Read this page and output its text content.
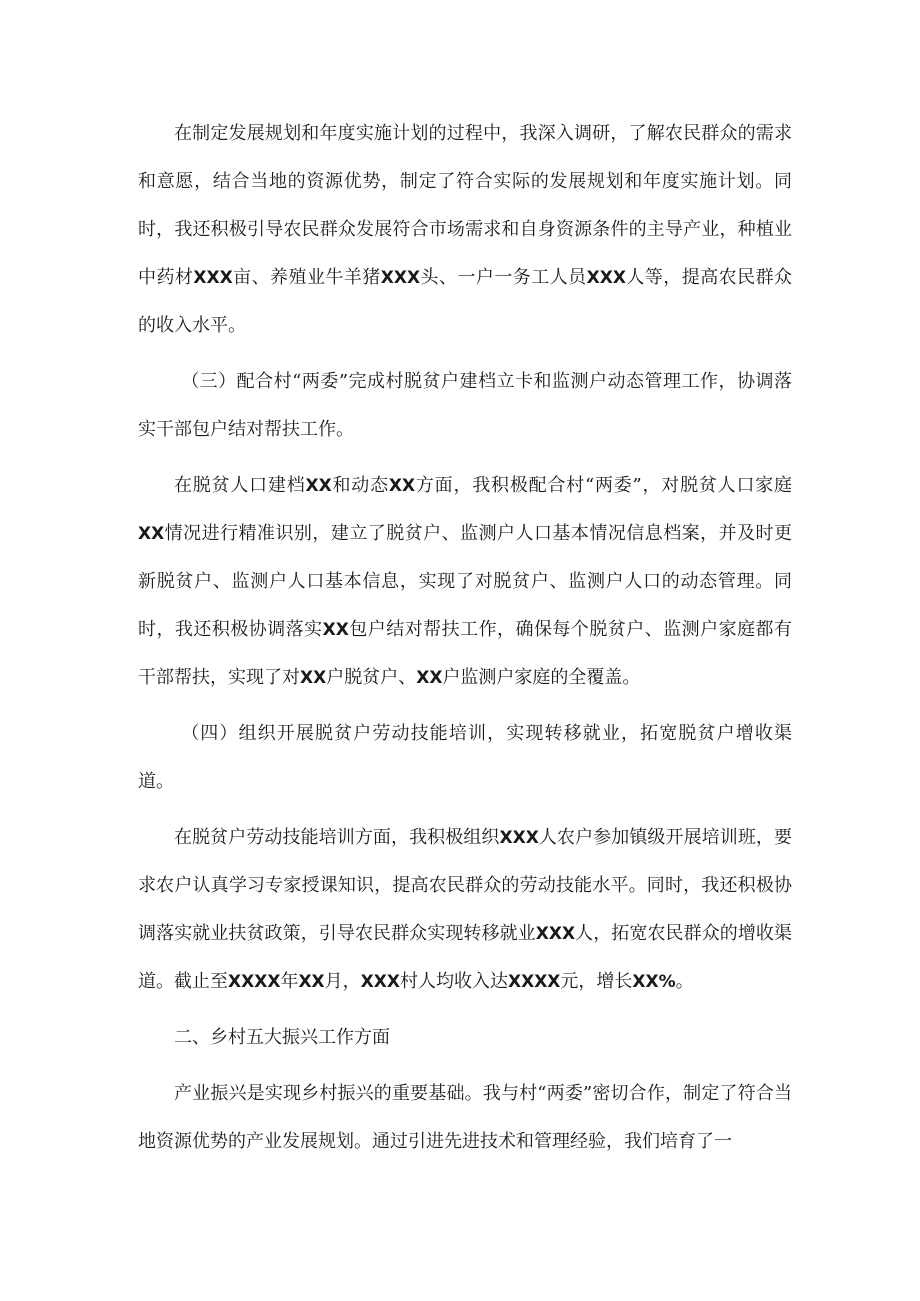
在制定发展规划和年度实施计划的过程中，我深入调研，了解农民群众的需求和意愿，结合当地的资源优势，制定了符合实际的发展规划和年度实施计划。同时，我还积极引导农民群众发展符合市场需求和自身资源条件的主导产业，种植业中药材XXX亩、养殖业牛羊猪XXX头、一户一务工人员XXX人等，提高农民群众的收入水平。

（三）配合村“两委”完成村脱贫户建档立卡和监测户动态管理工作，协调落实干部包户结对帮扶工作。

在脱贫人口建档XX和动态XX方面，我积极配合村“两委”，对脱贫人口家庭XX情况进行精准识别，建立了脱贫户、监测户人口基本情况信息档案，并及时更新脱贫户、监测户人口基本信息，实现了对脱贫户、监测户人口的动态管理。同时，我还积极协调落实XX包户结对帮扶工作，确保每个脱贫户、监测户家庭都有干部帮扶，实现了对XX户脱贫户、XX户监测户家庭的全覆盖。

（四）组织开展脱贫户劳动技能培训，实现转移就业，拓宽脱贫户增收渠道。

在脱贫户劳动技能培训方面，我积极组织XXX人农户参加镇级开展培训班，要求农户认真学习专家授课知识，提高农民群众的劳动技能水平。同时，我还积极协调落实就业扶贫政策，引导农民群众实现转移就业XXX人，拓宽农民群众的增收渠道。截止至XXXX年XX月，XXX村人均收入达XXXX元，增长XX%。

二、乡村五大振兴工作方面

产业振兴是实现乡村振兴的重要基础。我与村“两委”密切合作，制定了符合当地资源优势的产业发展规划。通过引进先进技术和管理经验，我们培育了一
